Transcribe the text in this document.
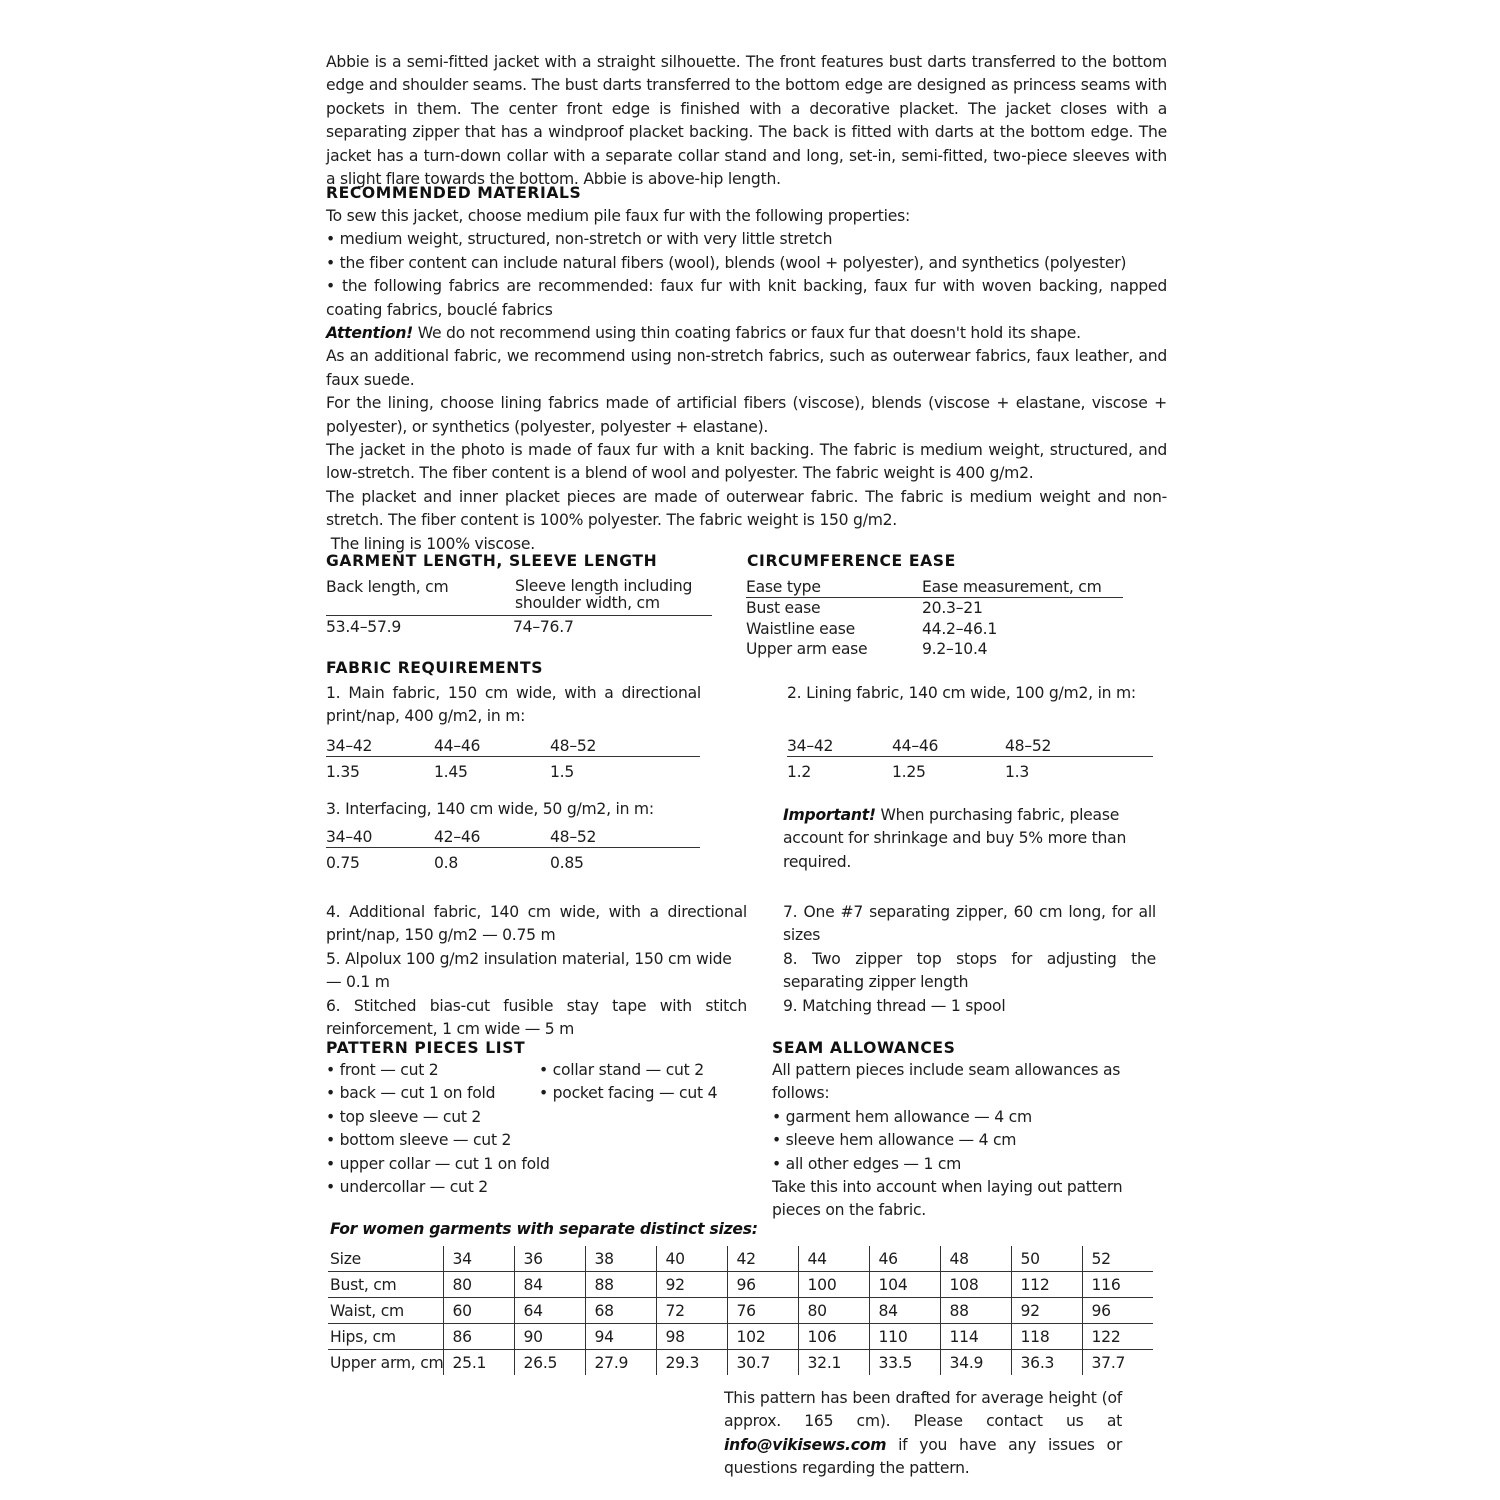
Abbie is a semi-fitted jacket with a straight silhouette. The front features bust darts transferred to the bottom edge and shoulder seams. The bust darts transferred to the bottom edge are designed as princess seams with pockets in them. The center front edge is finished with a decorative placket. The jacket closes with a separating zipper that has a windproof placket backing. The back is fitted with darts at the bottom edge. The jacket has a turn-down collar with a separate collar stand and long, set-in, semi-fitted, two-piece sleeves with a slight flare towards the bottom. Abbie is above-hip length.

RECOMMENDED MATERIALS

To sew this jacket, choose medium pile faux fur with the following properties:

• medium weight, structured, non-stretch or with very little stretch

• the fiber content can include natural fibers (wool), blends (wool + polyester), and synthetics (polyester)

• the following fabrics are recommended: faux fur with knit backing, faux fur with woven backing, napped coating fabrics, bouclé fabrics

Attention! We do not recommend using thin coating fabrics or faux fur that doesn't hold its shape.

As an additional fabric, we recommend using non-stretch fabrics, such as outerwear fabrics, faux leather, and faux suede.

For the lining, choose lining fabrics made of artificial fibers (viscose), blends (viscose + elastane, viscose + polyester), or synthetics (polyester, polyester + elastane).

The jacket in the photo is made of faux fur with a knit backing. The fabric is medium weight, structured, and low-stretch. The fiber content is a blend of wool and polyester. The fabric weight is 400 g/m2.

The placket and inner placket pieces are made of outerwear fabric. The fabric is medium weight and non-stretch. The fiber content is 100% polyester. The fabric weight is 150 g/m2.

The lining is 100% viscose.

GARMENT LENGTH, SLEEVE LENGTH
Back length, cm	Sleeve length including
shoulder width, cm
53.4–57.9	74–76.7
CIRCUMFERENCE EASE
Ease type	Ease measurement, cm
Bust ease	20.3–21
Waistline ease	44.2–46.1
Upper arm ease	9.2–10.4
FABRIC REQUIREMENTS

1. Main fabric, 150 cm wide, with a directional print/nap, 400 g/m2, in m:

34–42	44–46	48–52
1.35	1.45	1.5
2. Lining fabric, 140 cm wide, 100 g/m2, in m:
34–42	44–46	48–52
1.2	1.25	1.3
3. Interfacing, 140 cm wide, 50 g/m2, in m:
34–40	42–46	48–52
0.75	0.8	0.85

Important! When purchasing fabric, please account for shrinkage and buy 5% more than required.

4. Additional fabric, 140 cm wide, with a directional print/nap, 150 g/m2 — 0.75 m

5. Alpolux 100 g/m2 insulation material, 150 cm wide — 0.1 m

6. Stitched bias-cut fusible stay tape with stitch reinforcement, 1 cm wide — 5 m

7. One #7 separating zipper, 60 cm long, for all sizes

8. Two zipper top stops for adjusting the separating zipper length

9. Matching thread — 1 spool

PATTERN PIECES LIST

• front — cut 2

• back — cut 1 on fold

• top sleeve — cut 2

• bottom sleeve — cut 2

• upper collar — cut 1 on fold

• undercollar — cut 2

• collar stand — cut 2

• pocket facing — cut 4

SEAM ALLOWANCES

All pattern pieces include seam allowances as follows:

• garment hem allowance — 4 cm

• sleeve hem allowance — 4 cm

• all other edges — 1 cm

Take this into account when laying out pattern pieces on the fabric.

For women garments with separate distinct sizes:
Size	34	36	38	40	42	44	46	48	50	52
Bust, cm	80	84	88	92	96	100	104	108	112	116
Waist, cm	60	64	68	72	76	80	84	88	92	96
Hips, cm	86	90	94	98	102	106	110	114	118	122
Upper arm, cm	25.1	26.5	27.9	29.3	30.7	32.1	33.5	34.9	36.3	37.7

This pattern has been drafted for average height (of approx. 165 cm). Please contact us at info@vikisews.com if you have any issues or questions regarding the pattern.
